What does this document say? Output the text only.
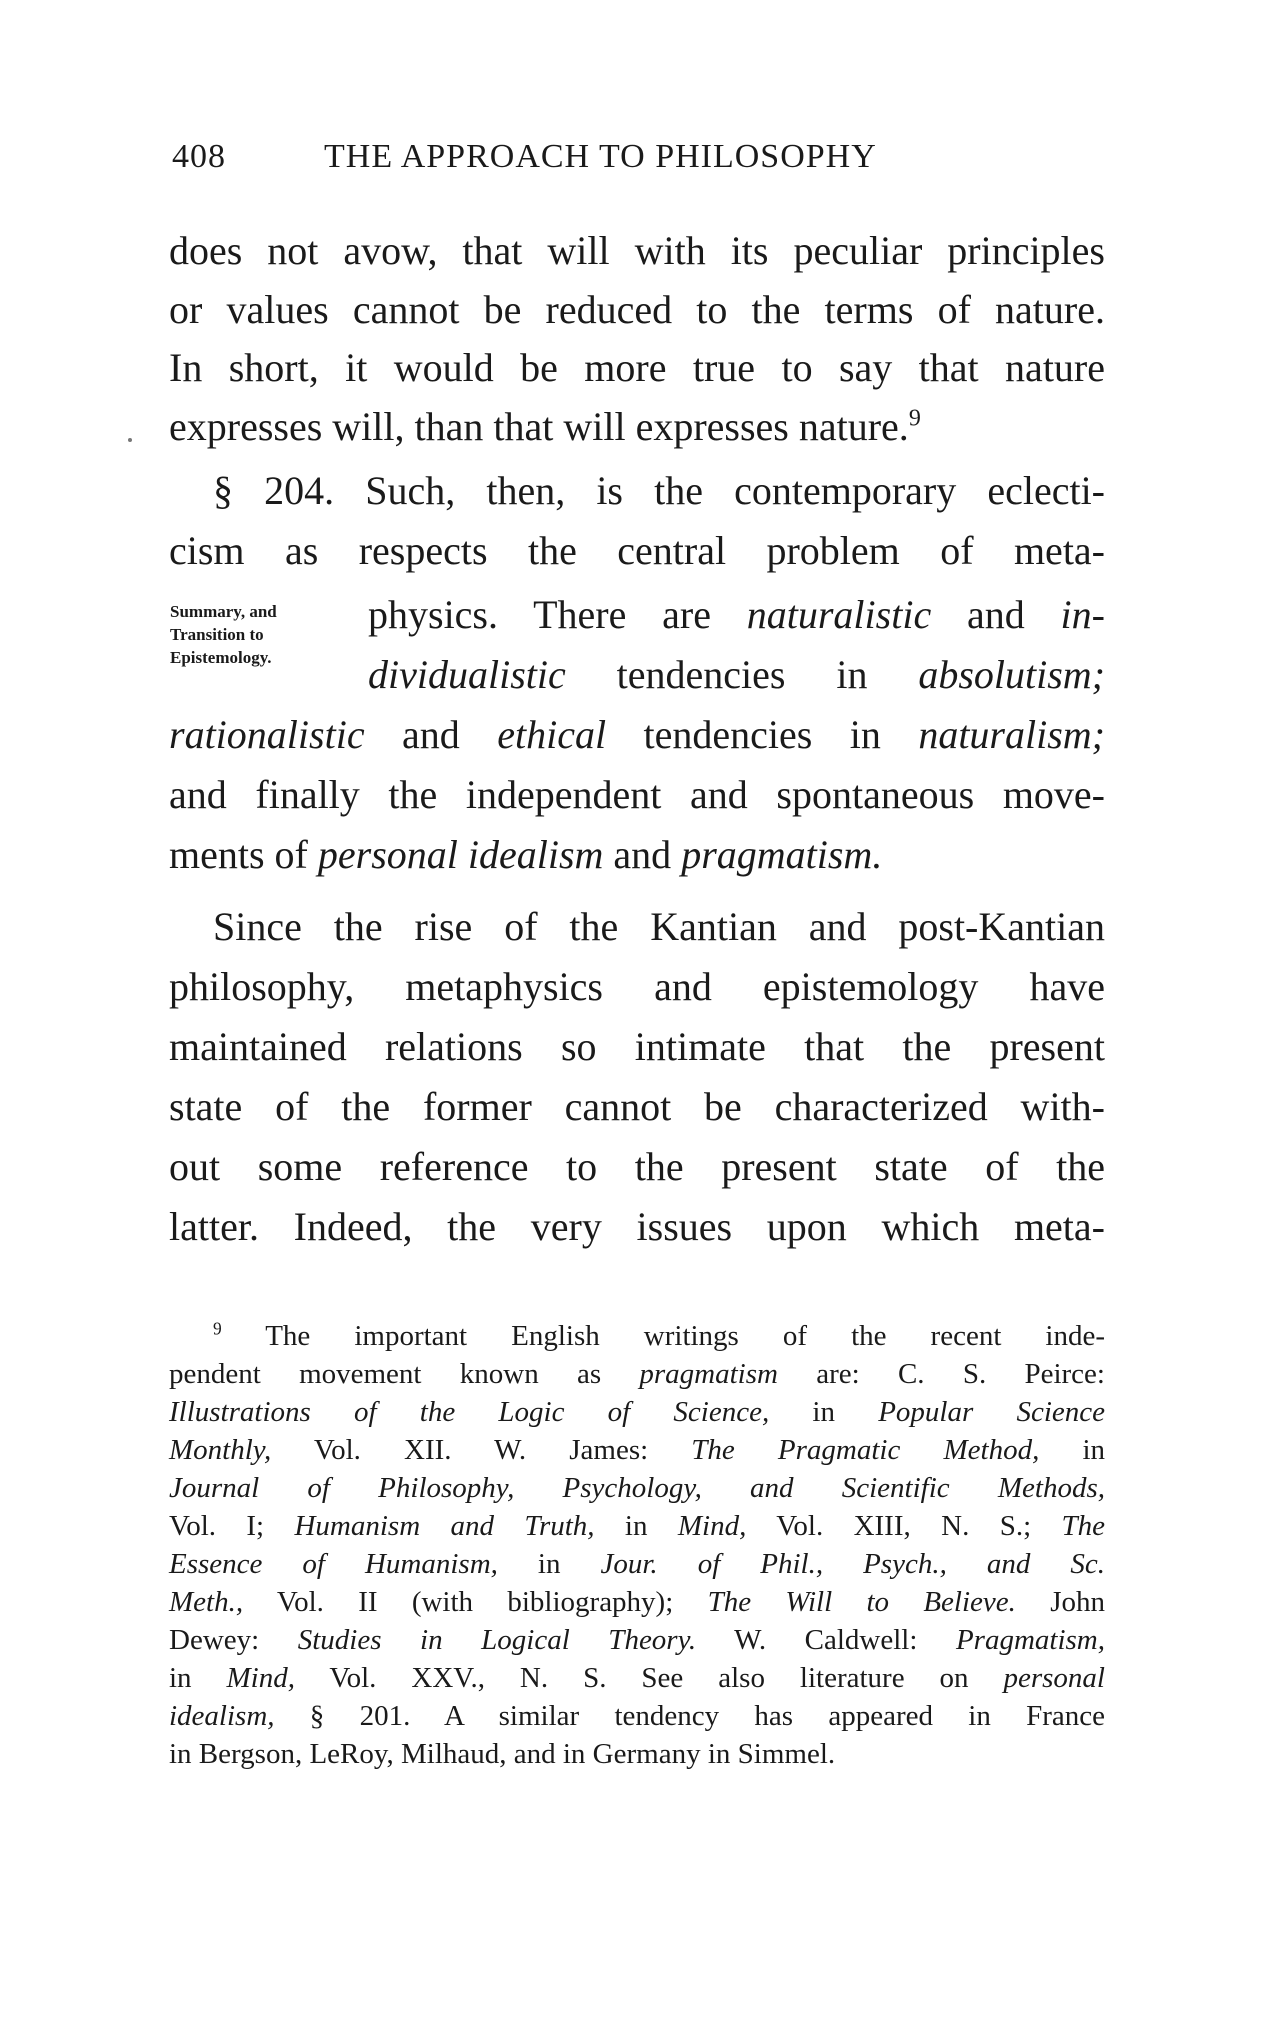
408	THE APPROACH TO PHILOSOPHY
does not avow, that will with its peculiar principles
or values cannot be reduced to the terms of nature.
In short, it would be more true to say that nature
expresses will, than that will expresses nature.$^9$
§ 204. Such, then, is the contemporary eclecti-
cism as respects the central problem of meta-
Summary, and
Transition to
Epistemology.
physics. There are naturalistic and in-
dividualistic tendencies in absolutism;
rationalistic and ethical tendencies in naturalism;
and finally the independent and spontaneous move-
ments of personal idealism and pragmatism.
Since the rise of the Kantian and post-Kantian
philosophy, metaphysics and epistemology have
maintained relations so intimate that the present
state of the former cannot be characterized with-
out some reference to the present state of the
latter. Indeed, the very issues upon which meta-
$^9$ The important English writings of the recent inde-
pendent movement known as pragmatism are: C. S. Peirce:
Illustrations of the Logic of Science, in Popular Science
Monthly, Vol. XII. W. James: The Pragmatic Method, in
Journal of Philosophy, Psychology, and Scientific Methods,
Vol. I; Humanism and Truth, in Mind, Vol. XIII, N. S.; The
Essence of Humanism, in Jour. of Phil., Psych., and Sc.
Meth., Vol. II (with bibliography); The Will to Believe. John
Dewey: Studies in Logical Theory. W. Caldwell: Pragmatism,
in Mind, Vol. XXV., N. S. See also literature on personal
idealism, § 201. A similar tendency has appeared in France
in Bergson, LeRoy, Milhaud, and in Germany in Simmel.
